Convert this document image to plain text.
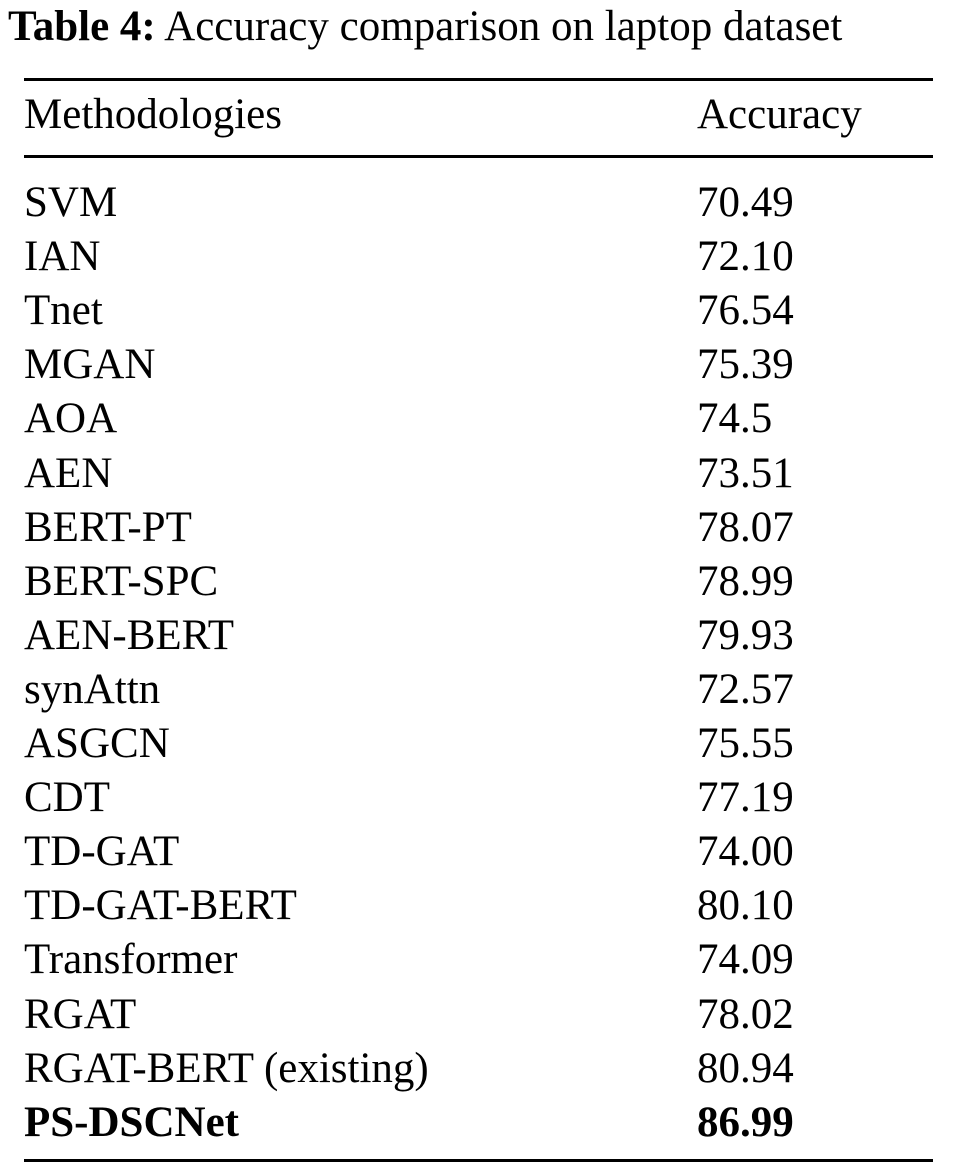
Table 4: Accuracy comparison on laptop dataset
Methodologies	Accuracy
SVM	70.49
IAN	72.10
Tnet	76.54
MGAN	75.39
AOA	74.5
AEN	73.51
BERT-PT	78.07
BERT-SPC	78.99
AEN-BERT	79.93
synAttn	72.57
ASGCN	75.55
CDT	77.19
TD-GAT	74.00
TD-GAT-BERT	80.10
Transformer	74.09
RGAT	78.02
RGAT-BERT (existing)	80.94
PS-DSCNet	86.99
